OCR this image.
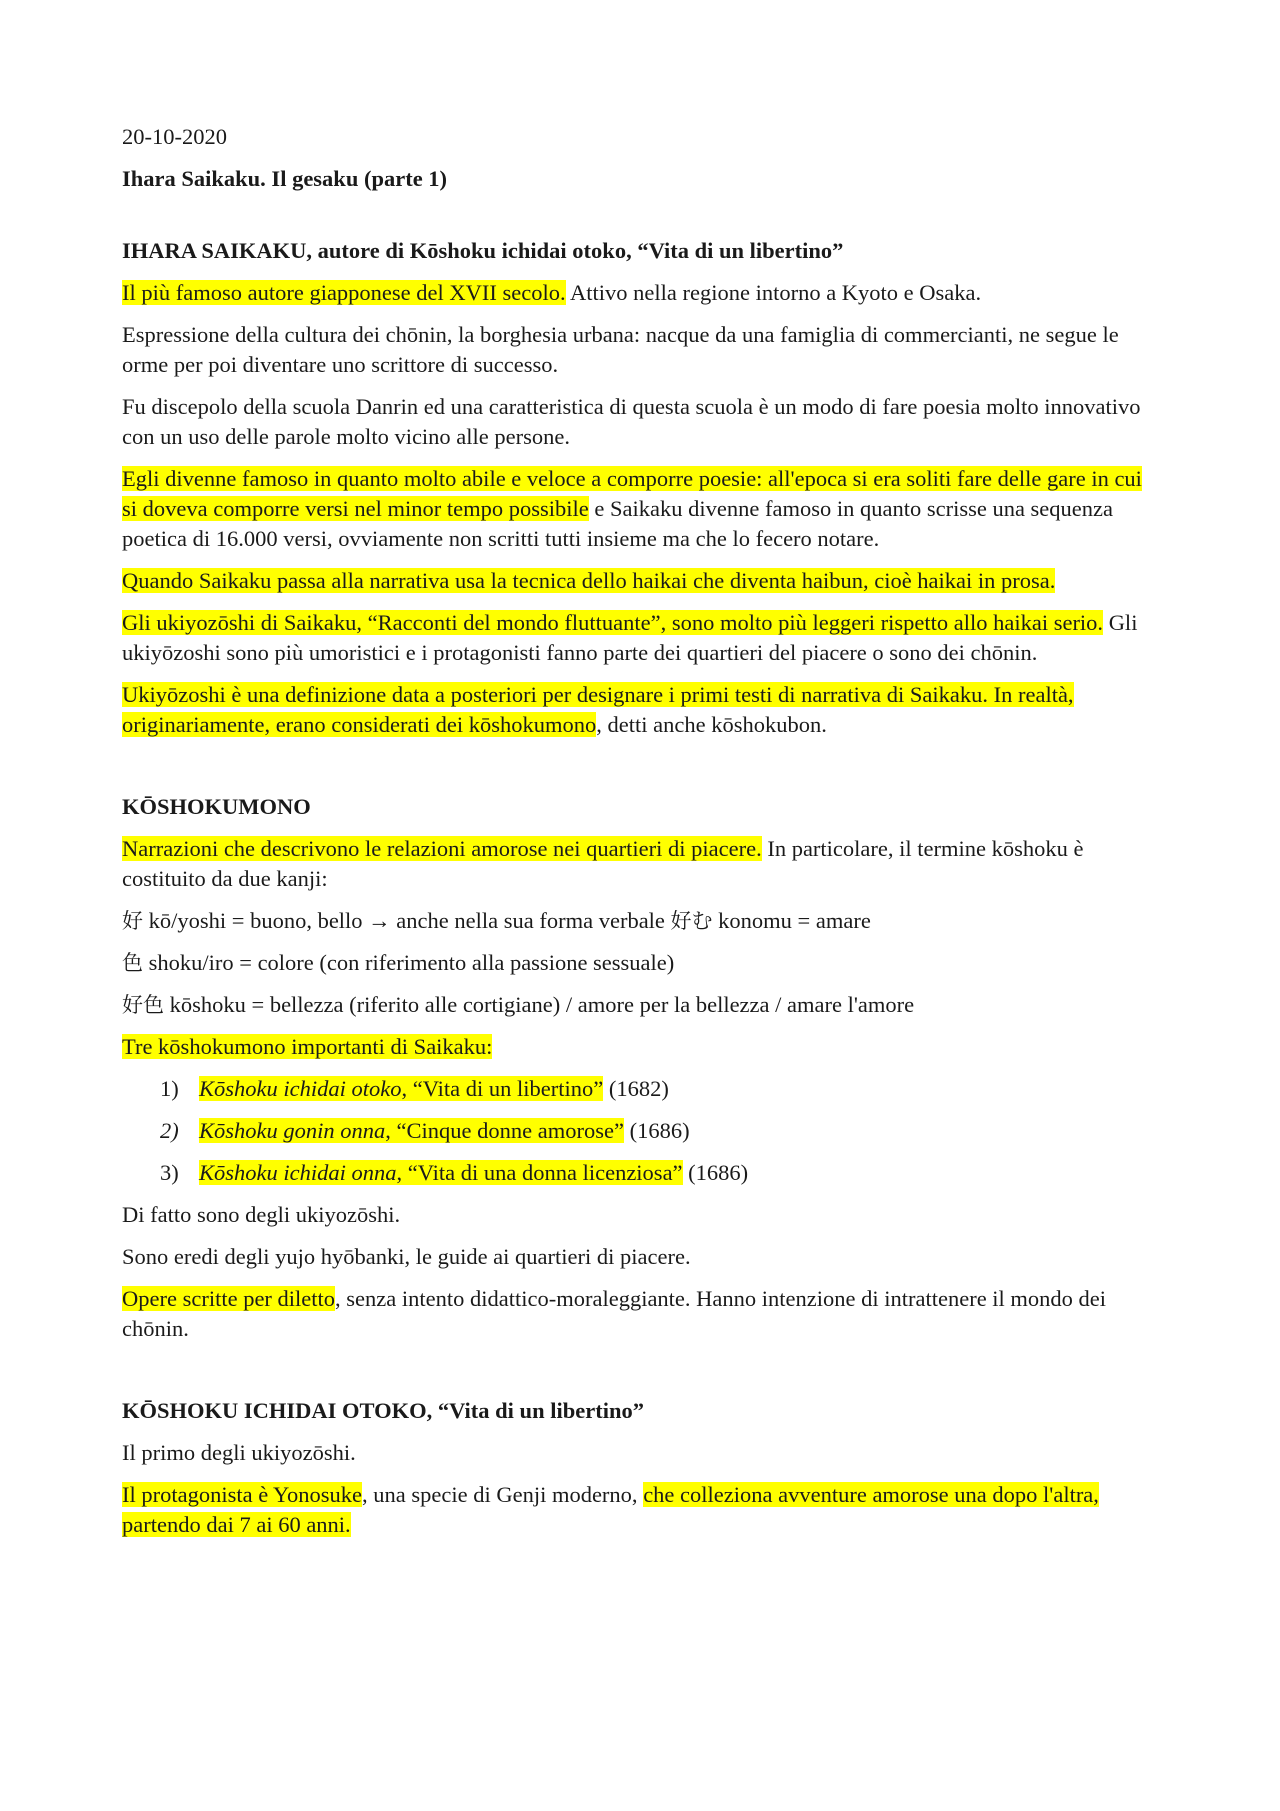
20-10-2020

Ihara Saikaku. Il gesaku (parte 1)

IHARA SAIKAKU, autore di Kōshoku ichidai otoko, “Vita di un libertino”

Il più famoso autore giapponese del XVII secolo. Attivo nella regione intorno a Kyoto e Osaka.

Espressione della cultura dei chōnin, la borghesia urbana: nacque da una famiglia di commercianti, ne segue le orme per poi diventare uno scrittore di successo.

Fu discepolo della scuola Danrin ed una caratteristica di questa scuola è un modo di fare poesia molto innovativo con un uso delle parole molto vicino alle persone.

Egli divenne famoso in quanto molto abile e veloce a comporre poesie: all'epoca si era soliti fare delle gare in cui si doveva comporre versi nel minor tempo possibile e Saikaku divenne famoso in quanto scrisse una sequenza poetica di 16.000 versi, ovviamente non scritti tutti insieme ma che lo fecero notare.

Quando Saikaku passa alla narrativa usa la tecnica dello haikai che diventa haibun, cioè haikai in prosa.

Gli ukiyozōshi di Saikaku, “Racconti del mondo fluttuante”, sono molto più leggeri rispetto allo haikai serio. Gli ukiyōzoshi sono più umoristici e i protagonisti fanno parte dei quartieri del piacere o sono dei chōnin.

Ukiyōzoshi è una definizione data a posteriori per designare i primi testi di narrativa di Saikaku. In realtà, originariamente, erano considerati dei kōshokumono, detti anche kōshokubon.

KŌSHOKUMONO

Narrazioni che descrivono le relazioni amorose nei quartieri di piacere. In particolare, il termine kōshoku è costituito da due kanji:

好 kō/yoshi = buono, bello → anche nella sua forma verbale 好む konomu = amare

色 shoku/iro = colore (con riferimento alla passione sessuale)

好色 kōshoku = bellezza (riferito alle cortigiane) / amore per la bellezza / amare l'amore

Tre kōshokumono importanti di Saikaku:

1) Kōshoku ichidai otoko, “Vita di un libertino” (1682)
2) Kōshoku gonin onna, “Cinque donne amorose” (1686)
3) Kōshoku ichidai onna, “Vita di una donna licenziosa” (1686)

Di fatto sono degli ukiyozōshi.

Sono eredi degli yujo hyōbanki, le guide ai quartieri di piacere.

Opere scritte per diletto, senza intento didattico-moraleggiante. Hanno intenzione di intrattenere il mondo dei chōnin.

KŌSHOKU ICHIDAI OTOKO, “Vita di un libertino”

Il primo degli ukiyozōshi.

Il protagonista è Yonosuke, una specie di Genji moderno, che colleziona avventure amorose una dopo l'altra, partendo dai 7 ai 60 anni.
